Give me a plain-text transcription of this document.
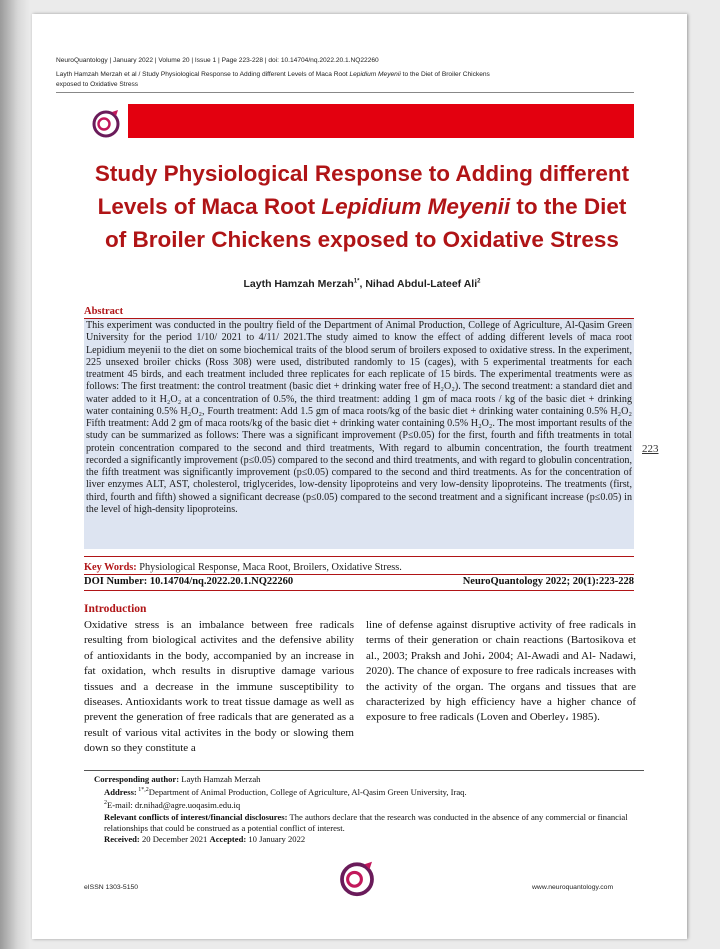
NeuroQuantology | January 2022 | Volume 20 | Issue 1 | Page 223-228 | doi: 10.14704/nq.2022.20.1.NQ22260
Layth Hamzah Merzah et al / Study Physiological Response to Adding different Levels of Maca Root Lepidium Meyenii to the Diet of Broiler Chickens
exposed to Oxidative Stress
Study Physiological Response to Adding different
Levels of Maca Root Lepidium Meyenii to the Diet
of Broiler Chickens exposed to Oxidative Stress
Layth Hamzah Merzah$^{1*}$, Nihad Abdul-Lateef Ali$^2$
Abstract
This experiment was conducted in the poultry field of the Department of Animal Production, College of Agriculture, Al-Qasim Green University for the period 1/10/ 2021 to 4/11/ 2021.The study aimed to know the effect of adding different levels of maca root Lepidium meyenii to the diet on some biochemical traits of the blood serum of broilers exposed to oxidative stress. In the experiment, 225 unsexed broiler chicks (Ross 308) were used, distributed randomly to 15 (cages), with 5 experimental treatments for each treatment 45 birds, and each treatment included three replicates for each replicate of 15 birds. The experimental treatments were as follows: The first treatment: the control treatment (basic diet + drinking water free of H₂O₂). The second treatment: a standard diet and water added to it H₂O₂ at a concentration of 0.5%, the third treatment: adding 1 gm of maca roots / kg of the basic diet + drinking water containing 0.5% H₂O₂, Fourth treatment: Add 1.5 gm of maca roots/kg of the basic diet + drinking water containing 0.5% H₂O₂ Fifth treatment: Add 2 gm of maca roots/kg of the basic diet + drinking water containing 0.5% H₂O₂. The most important results of the study can be summarized as follows: There was a significant improvement (P≤0.05) for the first, fourth and fifth treatments in total protein concentration compared to the second and third treatments, With regard to albumin concentration, the fourth treatment recorded a significantly improvement (p≤0.05) compared to the second and third treatments, and with regard to globulin concentration, the fifth treatment was significantly improvement (p≤0.05) compared to the second and third treatments. As for the concentration of liver enzymes ALT, AST, cholesterol, triglycerides, low-density lipoproteins and very low-density lipoproteins. The treatments (first, third, fourth and fifth) showed a significant decrease (p≤0.05) compared to the second treatment and a significant increase (p≤0.05) in the level of high-density lipoproteins.
223
Key Words: Physiological Response, Maca Root, Broilers, Oxidative Stress.
DOI Number: 10.14704/nq.2022.20.1.NQ22260	NeuroQuantology 2022; 20(1):223-228
Introduction
Oxidative stress is an imbalance between free radicals resulting from biological activites and the defensive ability of antioxidants in the body, accompanied by an increase in fat oxidation, whch results in disruptive damage various tissues and a decrease in the immune susceptibility to diseases. Antioxidants work to treat tissue damage as well as prevent the generation of free radicals that are generated as a result of various vital activites in the body or slowing them down so they constitute a
line of defense against disruptive activity of free radicals in terms of their generation or chain reactions (Bartosikova et al., 2003; Praksh and Johi، 2004; Al-Awadi and Al- Nadawi, 2020). The chance of exposure to free radicals increases with the activity of the organ. The organs and tissues that are characterized by high efficiency have a higher chance of exposure to free radicals (Loven and Oberley، 1985).

Corresponding author: Layth Hamzah Merzah

Address: $^{1*,2}$Department of Animal Production, College of Agriculture, Al-Qasim Green University, Iraq.

$^2$E-mail: dr.nihad@agre.uoqasim.edu.iq

Relevant conflicts of interest/financial disclosures: The authors declare that the research was conducted in the absence of any commercial or financial relationships that could be construed as a potential conflict of interest.

Received: 20 December 2021 Accepted: 10 January 2022

eISSN 1303-5150	www.neuroquantology.com
